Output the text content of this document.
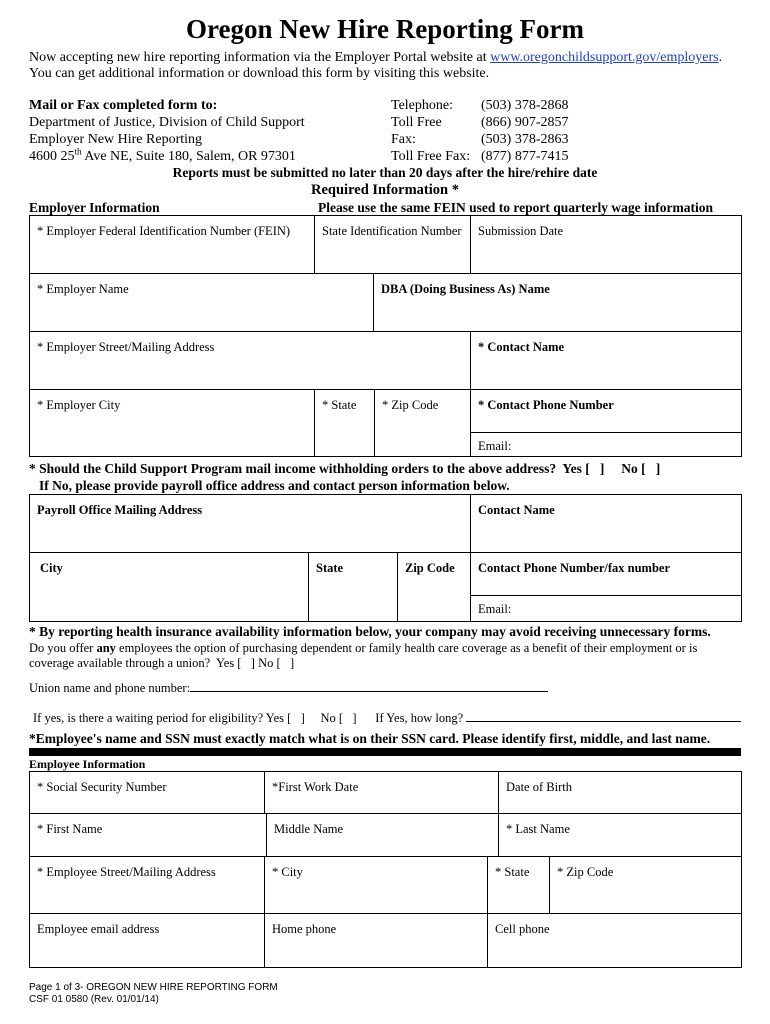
Oregon New Hire Reporting Form
Now accepting new hire reporting information via the Employer Portal website at www.oregonchildsupport.gov/employers.
You can get additional information or download this form by visiting this website.
Mail or Fax completed form to:
Department of Justice, Division of Child Support
Employer New Hire Reporting
4600 25th Ave NE, Suite 180, Salem, OR 97301
Telephone: (503) 378-2868
Toll Free	(866) 907-2857
Fax:	(503) 378-2863
Toll Free Fax: (877) 877-7415
Reports must be submitted no later than 20 days after the hire/rehire date
Required Information *
Employer Information	Please use the same FEIN used to report quarterly wage information
* Employer Federal Identification Number (FEIN)	State Identification Number	Submission Date
* Employer Name	DBA (Doing Business As) Name
* Employer Street/Mailing Address	* Contact Name
* Employer City	* State	* Zip Code	* Contact Phone Number
Email:
* Should the Child Support Program mail income withholding orders to the above address?  Yes [   ]     No [   ]
If No, please provide payroll office address and contact person information below.
Payroll Office Mailing Address	Contact Name
City	State	Zip Code	Contact Phone Number/fax number
Email:
* By reporting health insurance availability information below, your company may avoid receiving unnecessary forms.
Do you offer any employees the option of purchasing dependent or family health care coverage as a benefit of their employment or is
coverage available through a union?  Yes [   ] No [   ]
Union name and phone number:
If yes, is there a waiting period for eligibility? Yes [   ]     No [   ]      If Yes, how long?
*Employee's name and SSN must exactly match what is on their SSN card. Please identify first, middle, and last name.
Employee Information
* Social Security Number	*First Work Date	Date of Birth
* First Name	Middle Name	* Last Name
* Employee Street/Mailing Address	* City	* State	* Zip Code
Employee email address	Home phone	Cell phone
Page 1 of 3- OREGON NEW HIRE REPORTING FORM
CSF 01 0580 (Rev. 01/01/14)
